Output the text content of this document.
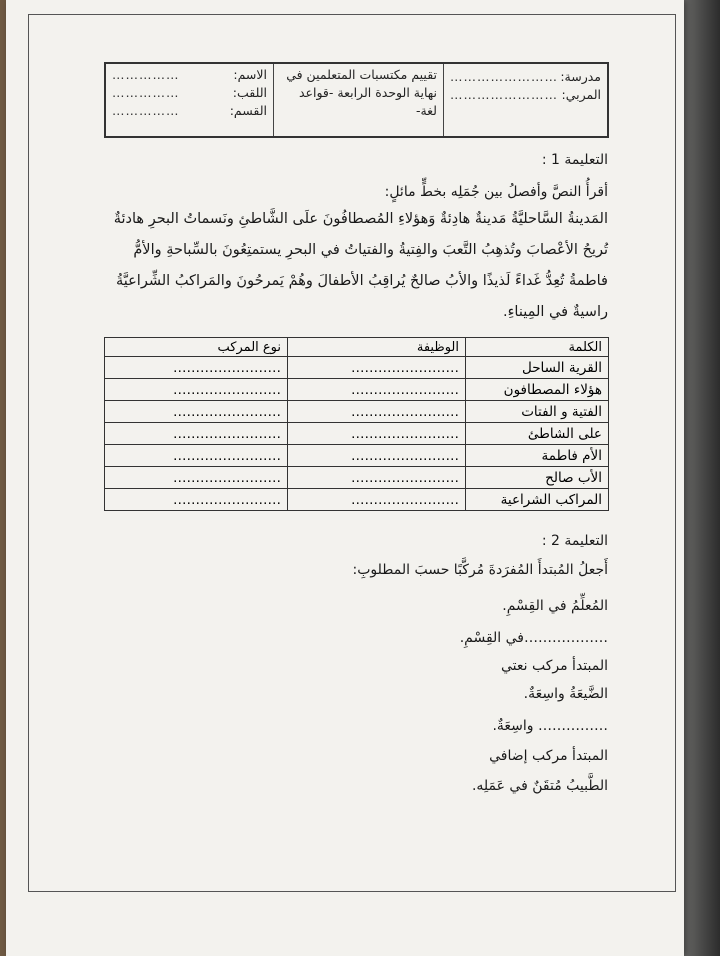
الاسم:
……………
اللقب:
……………
القسم:
……………
تقييم مكتسبات المتعلمين في نهاية الوحدة الرابعة -قواعد لغة-
مدرسة:
……………………
المربي:
……………………
التعليمة 1 :
أقرأُ النصَّ وأفصلُ بين جُمَلِه بخطٍّ مائلٍ:
المَدينةُ السَّاحليَّةُ مَدينةٌ هادِئةٌ وَهؤلاءِ المُصطافُونَ علَى الشَّاطئِ ونَسماتُ البحرِ هادئةٌ تُريحُ الأعْصابَ وتُذهِبُ التَّعبَ والفِتيةُ والفتياتُ في البحرِ يستمتِعُونَ بالسِّباحةِ والأمُّ فاطمةُ تُعِدُّ غَداءً لَذيذًا والأبُ صالحٌ يُراقِبُ الأطفالَ وهُمْ يَمرحُونَ والمَراكبُ الشِّراعيَّةُ راسيةٌ في المِيناءِ.
الكلمة	الوظيفة	نوع المركب
القرية الساحل	……………………	……………………
هؤلاء المصطافون	……………………	……………………
الفتية و الفتات	……………………	……………………
على الشاطئ	……………………	……………………
الأم فاطمة	……………………	……………………
الأب صالح	……………………	……………………
المراكب الشراعية	……………………	……………………
التعليمة 2 :
أَجعلُ المُبتدأَ المُفرَدةَ مُركَّبًا حسبَ المطلوبِ:
المُعلِّمُ في القِسْمِ.
………………في القِسْمِ.
المبتدأ مركب نعتي
الضَّيعَةُ واسِعَةٌ.
…………… واسِعَةٌ.
المبتدأ مركب إضافي
الطَّبيبُ مُتقَنٌ في عَمَلِه.
